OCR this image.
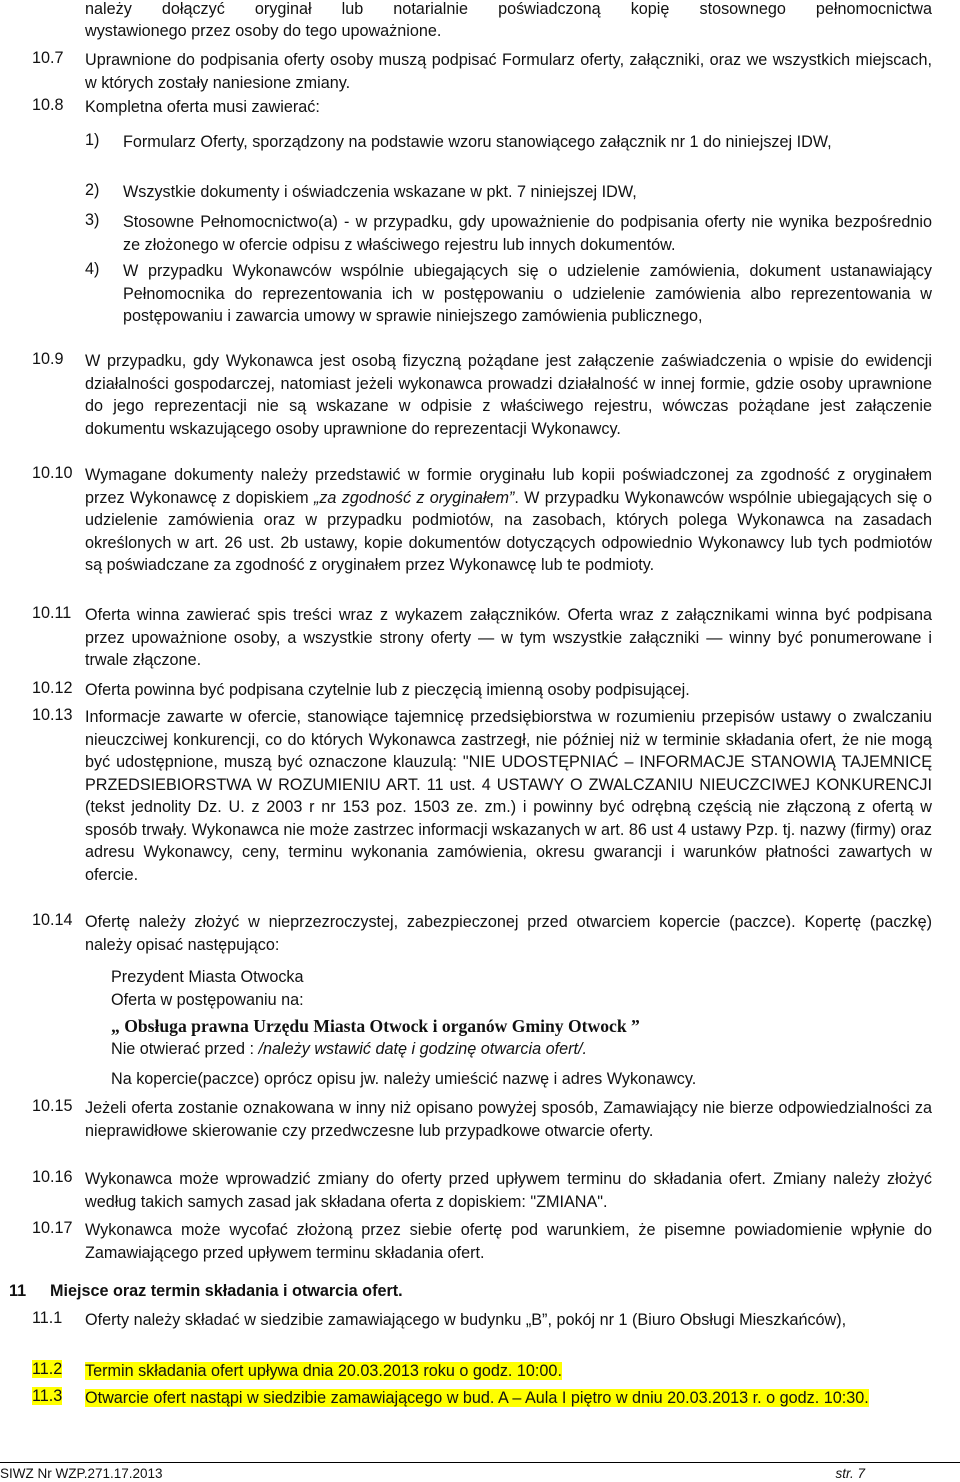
należy dołączyć oryginał lub notarialnie poświadczoną kopię stosownego pełnomocnictwa
wystawionego przez osoby do tego upoważnione.
10.7 Uprawnione do podpisania oferty osoby muszą podpisać Formularz oferty, załączniki, oraz we wszystkich miejscach, w których zostały naniesione zmiany.
10.8 Kompletna oferta musi zawierać:
1) Formularz Oferty, sporządzony na podstawie wzoru stanowiącego załącznik nr 1 do niniejszej IDW,
2) Wszystkie dokumenty i oświadczenia wskazane w pkt. 7 niniejszej IDW,
3) Stosowne Pełnomocnictwo(a) - w przypadku, gdy upoważnienie do podpisania oferty nie wynika bezpośrednio ze złożonego w ofercie odpisu z właściwego rejestru lub innych dokumentów.
4) W przypadku Wykonawców wspólnie ubiegających się o udzielenie zamówienia, dokument ustanawiający Pełnomocnika do reprezentowania ich w postępowaniu o udzielenie zamówienia albo reprezentowania w postępowaniu i zawarcia umowy w sprawie niniejszego zamówienia publicznego,
10.9 W przypadku, gdy Wykonawca jest osobą fizyczną pożądane jest załączenie zaświadczenia o wpisie do ewidencji działalności gospodarczej, natomiast jeżeli wykonawca prowadzi działalność w innej formie, gdzie osoby uprawnione do jego reprezentacji nie są wskazane w odpisie z właściwego rejestru, wówczas pożądane jest załączenie dokumentu wskazującego osoby uprawnione do reprezentacji Wykonawcy.
10.10 Wymagane dokumenty należy przedstawić w formie oryginału lub kopii poświadczonej za zgodność z oryginałem przez Wykonawcę z dopiskiem „za zgodność z oryginałem”. W przypadku Wykonawców wspólnie ubiegających się o udzielenie zamówienia oraz w przypadku podmiotów, na zasobach, których polega Wykonawca na zasadach określonych w art. 26 ust. 2b ustawy, kopie dokumentów dotyczących odpowiednio Wykonawcy lub tych podmiotów są poświadczane za zgodność z oryginałem przez Wykonawcę lub te podmioty.
10.11 Oferta winna zawierać spis treści wraz z wykazem załączników. Oferta wraz z załącznikami winna być podpisana przez upoważnione osoby, a wszystkie strony oferty — w tym wszystkie załączniki — winny być ponumerowane i trwale złączone.
10.12 Oferta powinna być podpisana czytelnie lub z pieczęcią imienną osoby podpisującej.
10.13 Informacje zawarte w ofercie, stanowiące tajemnicę przedsiębiorstwa w rozumieniu przepisów ustawy o zwalczaniu nieuczciwej konkurencji, co do których Wykonawca zastrzegł, nie później niż w terminie składania ofert, że nie mogą być udostępnione, muszą być oznaczone klauzulą: "NIE UDOSTĘPNIAĆ – INFORMACJE STANOWIĄ TAJEMNICĘ PRZEDSIEBIORSTWA W ROZUMIENIU ART. 11 ust. 4 USTAWY O ZWALCZANIU NIEUCZCIWEJ KONKURENCJI (tekst jednolity Dz. U. z 2003 r nr 153 poz. 1503 ze. zm.) i powinny być odrębną częścią nie złączoną z ofertą w sposób trwały. Wykonawca nie może zastrzec informacji wskazanych w art. 86 ust 4 ustawy Pzp. tj. nazwy (firmy) oraz adresu Wykonawcy, ceny, terminu wykonania zamówienia, okresu gwarancji i warunków płatności zawartych w ofercie.
10.14 Ofertę należy złożyć w nieprzezroczystej, zabezpieczonej przed otwarciem kopercie (paczce). Kopertę (paczkę) należy opisać następująco:
Prezydent Miasta Otwocka
Oferta w postępowaniu na:
„ Obsługa prawna Urzędu Miasta Otwock i organów Gminy Otwock ”
Nie otwierać przed : /należy wstawić datę i godzinę otwarcia ofert/.
Na kopercie(paczce) oprócz opisu jw. należy umieścić nazwę i adres Wykonawcy.
10.15 Jeżeli oferta zostanie oznakowana w inny niż opisano powyżej sposób, Zamawiający nie bierze odpowiedzialności za nieprawidłowe skierowanie czy przedwczesne lub przypadkowe otwarcie oferty.
10.16 Wykonawca może wprowadzić zmiany do oferty przed upływem terminu do składania ofert. Zmiany należy złożyć według takich samych zasad jak składana oferta z dopiskiem: "ZMIANA".
10.17 Wykonawca może wycofać złożoną przez siebie ofertę pod warunkiem, że pisemne powiadomienie wpłynie do Zamawiającego przed upływem terminu składania ofert.
11 Miejsce oraz termin składania i otwarcia ofert.
11.1 Oferty należy składać w siedzibie zamawiającego w budynku „B”, pokój nr 1 (Biuro Obsługi Mieszkańców),
11.2 Termin składania ofert upływa dnia 20.03.2013 roku o godz. 10:00.
11.3 Otwarcie ofert nastąpi w siedzibie zamawiającego w bud. A – Aula I piętro w dniu 20.03.2013 r. o godz. 10:30.
SIWZ Nr WZP.271.17.2013	str. 7
